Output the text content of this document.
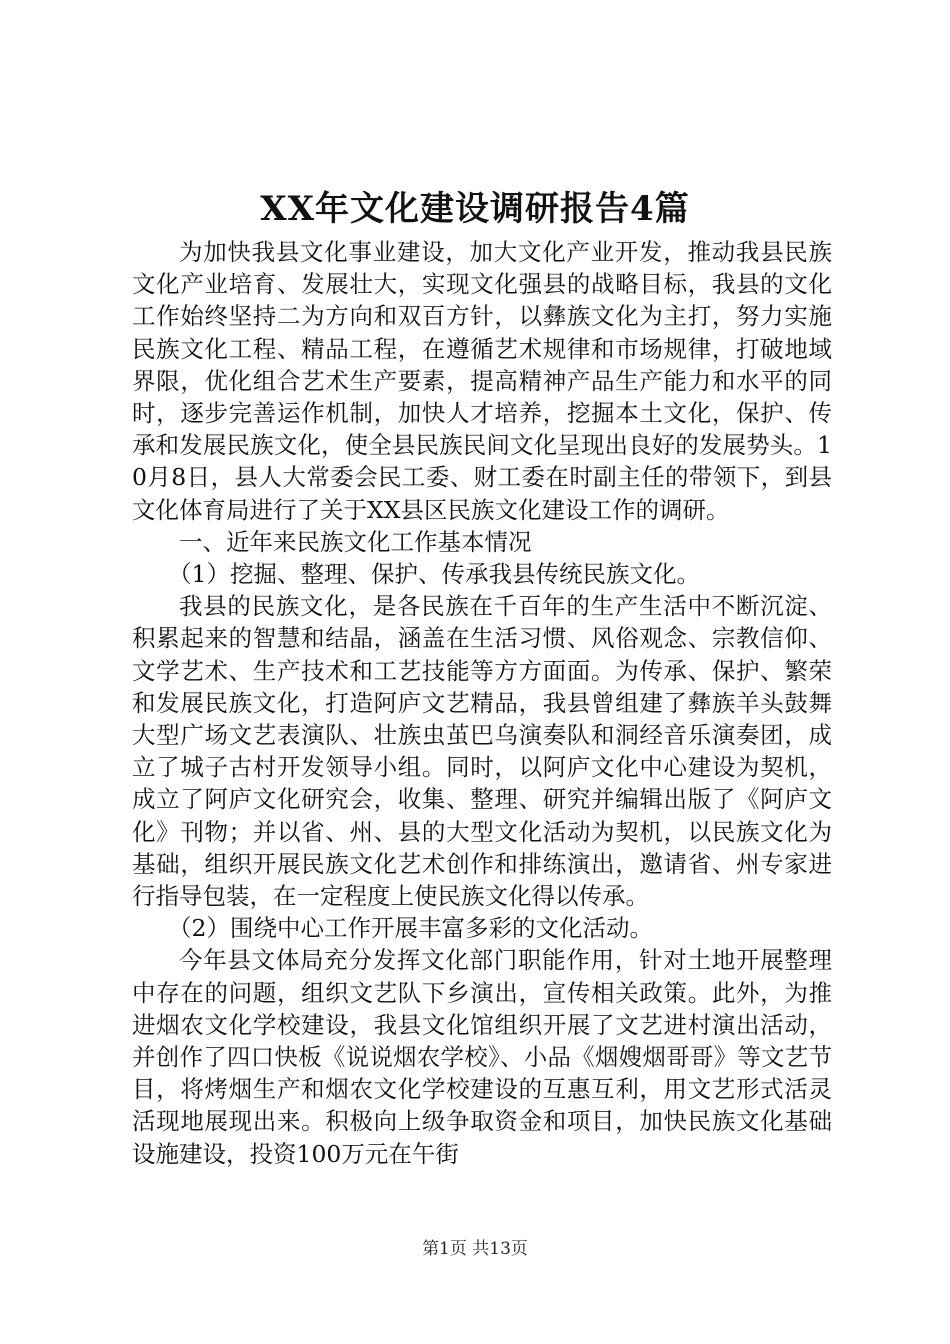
XX年文化建设调研报告4篇

为加快我县文化事业建设，加大文化产业开发，推动我县民族文化产业培育、发展壮大，实现文化强县的战略目标，我县的文化工作始终坚持二为方向和双百方针，以彝族文化为主打，努力实施民族文化工程、精品工程，在遵循艺术规律和市场规律，打破地域界限，优化组合艺术生产要素，提高精神产品生产能力和水平的同时，逐步完善运作机制，加快人才培养，挖掘本土文化，保护、传承和发展民族文化，使全县民族民间文化呈现出良好的发展势头。10月8日，县人大常委会民工委、财工委在时副主任的带领下，到县文化体育局进行了关于XX县区民族文化建设工作的调研。

一、近年来民族文化工作基本情况

（1）挖掘、整理、保护、传承我县传统民族文化。

我县的民族文化，是各民族在千百年的生产生活中不断沉淀、积累起来的智慧和结晶，涵盖在生活习惯、风俗观念、宗教信仰、文学艺术、生产技术和工艺技能等方方面面。为传承、保护、繁荣和发展民族文化，打造阿庐文艺精品，我县曾组建了彝族羊头鼓舞大型广场文艺表演队、壮族虫茧巴乌演奏队和洞经音乐演奏团，成立了城子古村开发领导小组。同时，以阿庐文化中心建设为契机，成立了阿庐文化研究会，收集、整理、研究并编辑出版了《阿庐文化》刊物；并以省、州、县的大型文化活动为契机，以民族文化为基础，组织开展民族文化艺术创作和排练演出，邀请省、州专家进行指导包装，在一定程度上使民族文化得以传承。

（2）围绕中心工作开展丰富多彩的文化活动。

今年县文体局充分发挥文化部门职能作用，针对土地开展整理中存在的问题，组织文艺队下乡演出，宣传相关政策。此外，为推进烟农文化学校建设，我县文化馆组织开展了文艺进村演出活动，并创作了四口快板《说说烟农学校》、小品《烟嫂烟哥哥》等文艺节目，将烤烟生产和烟农文化学校建设的互惠互利，用文艺形式活灵活现地展现出来。积极向上级争取资金和项目，加快民族文化基础设施建设，投资100万元在午街

第1页 共13页
